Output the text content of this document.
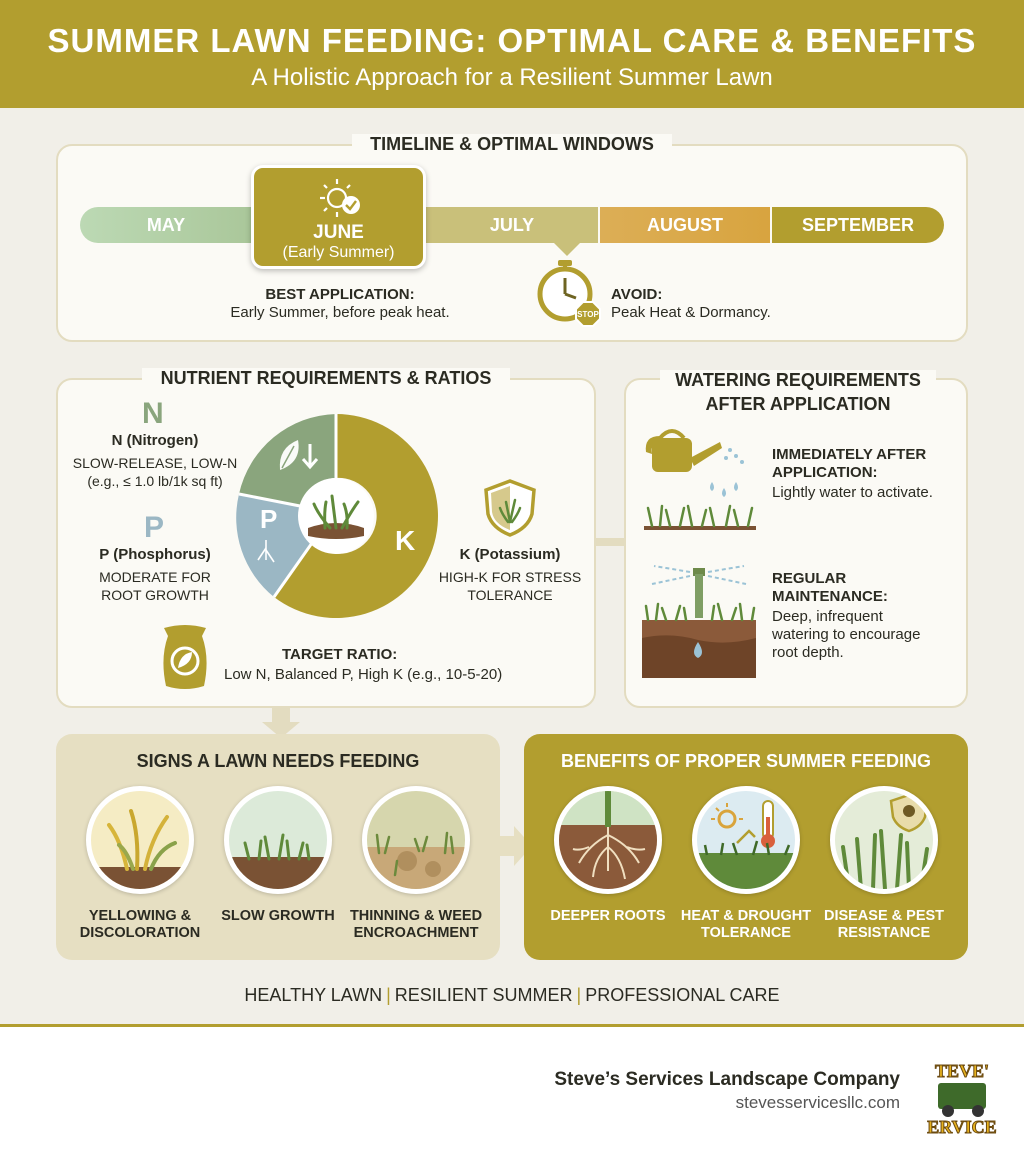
SUMMER LAWN FEEDING: OPTIMAL CARE & BENEFITS
A Holistic Approach for a Resilient Summer Lawn
TIMELINE & OPTIMAL WINDOWS
MAY	JULY	AUGUST	SEPTEMBER
JUNE
(Early Summer)
BEST APPLICATION:
Early Summer, before peak heat.	STOP
AVOID:
Peak Heat & Dormancy.
NUTRIENT REQUIREMENTS & RATIOS
N
N (Nitrogen)
SLOW-RELEASE, LOW-N
(e.g., ≤ 1.0 lb/1k sq ft)
P
P (Phosphorus)
MODERATE FOR
ROOT GROWTH
P
K	K (Potassium)
HIGH-K FOR STRESS
TOLERANCE
TARGET RATIO:
Low N, Balanced P, High K (e.g., 10-5-20)
WATERING REQUIREMENTS
AFTER APPLICATION
IMMEDIATELY AFTER
APPLICATION:
Lightly water to activate.
REGULAR
MAINTENANCE:
Deep, infrequent
watering to encourage
root depth.
SIGNS A LAWN NEEDS FEEDING
YELLOWING &
DISCOLORATION
SLOW GROWTH	THINNING & WEED
ENCROACHMENT
BENEFITS OF PROPER SUMMER FEEDING
DEEPER ROOTS	HEAT & DROUGHT
TOLERANCE
DISEASE & PEST
RESISTANCE
HEALTHY LAWN | RESILIENT SUMMER | PROFESSIONAL CARE
Steve’s Services Landscape Company
stevesservicesllc.com
TEVE'
ERVICE
